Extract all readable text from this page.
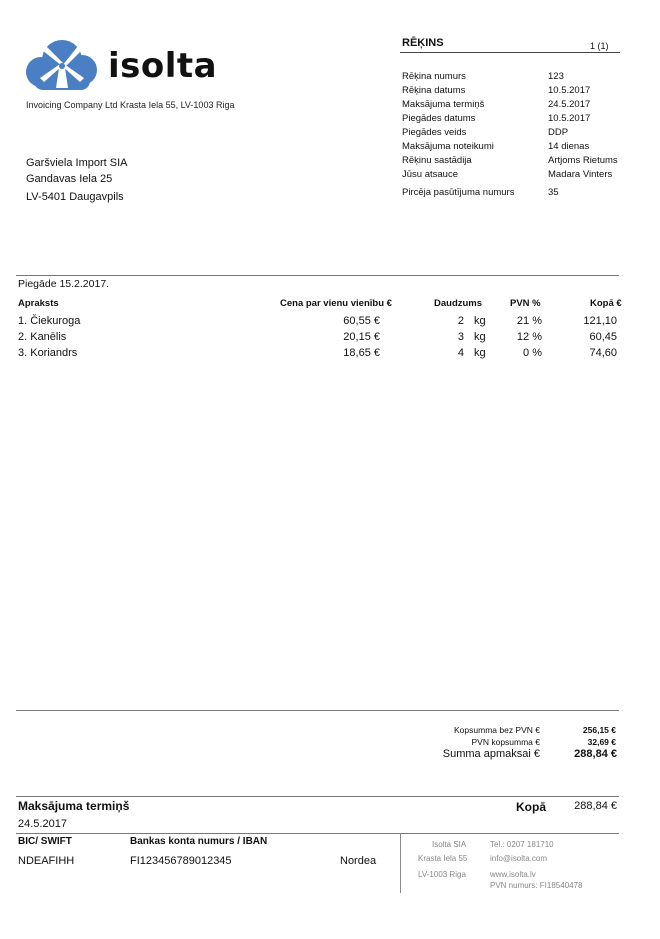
isolta
Invoicing Company Ltd Krasta Iela 55, LV-1003 Riga
Garšviela Import SIA
Gandavas Iela 25
LV-5401 Daugavpils
RĒĶINS	1 (1)
Rēķina numurs	123
Rēķina datums	10.5.2017
Maksājuma termiņš	24.5.2017
Piegādes datums	10.5.2017
Piegādes veids	DDP
Maksājuma noteikumi	14 dienas
Rēķinu sastādija	Artjoms Rietums
Jūsu atsauce	Madara Vinters
Pircēja pasūtījuma numurs	35
Piegāde 15.2.2017.
Apraksts	Cena par vienu vienību €	Daudzums	PVN %	Kopā €
1. Čiekuroga	60,55 €	2 kg	21 %	121,10
2. Kanēlis	20,15 €	3 kg	12 %	60,45
3. Koriandrs	18,65 €	4 kg	0 %	74,60
Kopsumma bez PVN €	256,15 €
PVN kopsumma €	32,69 €
Summa apmaksai €	288,84 €
Maksājuma termiņš
24.5.2017
Kopā	288,84 €
BIC/ SWIFT	Bankas konta numurs / IBAN
NDEAFIHH	FI123456789012345	Nordea
Isolta SIA
Krasta Iela 55
LV-1003 Riga
Tel.: 0207 181710
info@isolta.com
www.isolta.lv
PVN numurs: FI18540478
